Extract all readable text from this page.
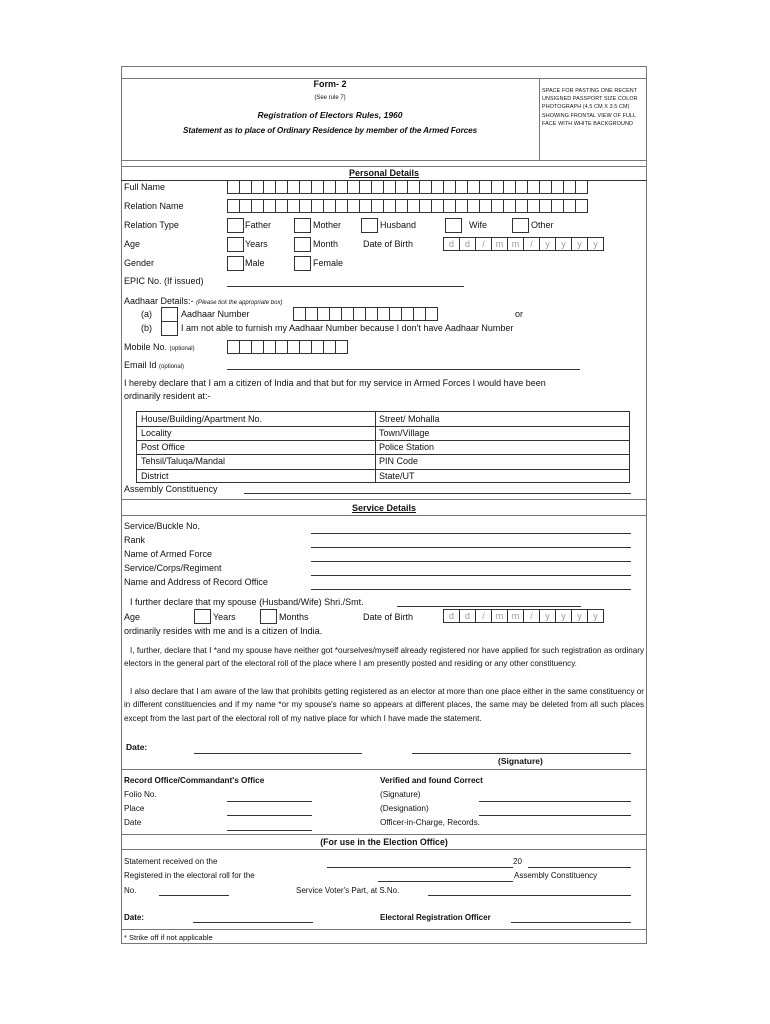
Form- 2
(See rule 7)
Registration of Electors Rules, 1960
Statement as to place of Ordinary Residence by member of the Armed Forces
SPACE FOR PASTING ONE RECENT UNSIGNED PASSPORT SIZE COLOR PHOTOGRAPH (4.5 CM X 3.5 CM) SHOWING FRONTAL VIEW OF FULL FACE WITH WHITE BACKGROUND
Personal Details
Full Name
Relation Name
Relation Type	Father	Mother	Husband	Wife	Other
Age	Years	Month	Date of Birth	d	d	/	m m	/	y	y	y	y
Gender	Male	Female
EPIC No. (If issued)
Aadhaar Details:- (Please tick the appropriate box)
(a)	Aadhaar Number	or
(b)	I am not able to furnish my Aadhaar Number because I don't have Aadhaar Number
Mobile No. (optional)
Email Id (optional)
I hereby declare that I am a citizen of India and that but for my service in Armed Forces I would have been
ordinarily resident at:-
House/Building/Apartment No.	Street/ Mohalla
Locality	Town/Village
Post Office	Police Station
Tehsil/Taluqa/Mandal	PIN Code
District	State/UT
Assembly Constituency
Service Details
Service/Buckle No.
Rank
Name of Armed Force
Service/Corps/Regiment
Name and Address of Record Office
I further declare that my spouse (Husband/Wife) Shri./Smt.
Age	Years	Months	Date of Birth	d	d	/	m m	/	y	y	y	y
ordinarily resides with me and is a citizen of India.
I, further, declare that I *and my spouse have neither got *ourselves/myself already registered nor have applied for such registration as ordinary electors in the general part of the electoral roll of the place where I am presently posted and residing or any other constituency.
I also declare that I am aware of the law that prohibits getting registered as an elector at more than one place either in the same constituency or in different constituencies and if my name *or my spouse's name so appears at different places, the same may be deleted from all such places except from the last part of the electoral roll of my native place for which I have made the statement.
Date:
(Signature)
Record Office/Commandant's Office
Folio No.
Place
Date
Verified and found Correct
(Signature)
(Designation)
Officer-in-Charge, Records.
(For use in the Election Office)
Statement received on the	20
Registered in the electoral roll for the	Assembly Constituency
No.	Service Voter's Part, at S.No.
Date:	Electoral Registration Officer
* Strike off if not applicable
